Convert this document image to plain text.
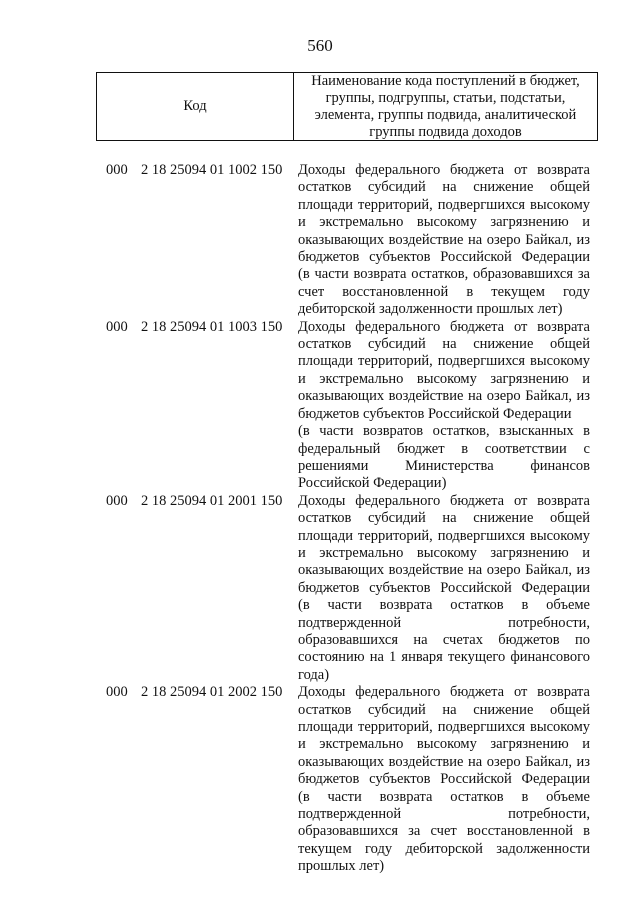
560
Код
Наименование кода поступлений в бюджет,
группы, подгруппы, статьи, подстатьи,
элемента, группы подвида, аналитической
группы подвида доходов
000 2 18 25094 01 1002 150	Доходы федерального бюджета от возврата
остатков субсидий на снижение общей
площади территорий, подвергшихся высокому
и экстремально высокому загрязнению и
оказывающих воздействие на озеро Байкал, из
бюджетов субъектов Российской Федерации
(в части возврата остатков, образовавшихся за
счет восстановленной в текущем году
дебиторской задолженности прошлых лет)
000 2 18 25094 01 1003 150	Доходы федерального бюджета от возврата
остатков субсидий на снижение общей
площади территорий, подвергшихся высокому
и экстремально высокому загрязнению и
оказывающих воздействие на озеро Байкал, из
бюджетов субъектов Российской Федерации
(в части возвратов остатков, взысканных в
федеральный бюджет в соответствии с
решениями Министерства финансов
Российской Федерации)
000 2 18 25094 01 2001 150	Доходы федерального бюджета от возврата
остатков субсидий на снижение общей
площади территорий, подвергшихся высокому
и экстремально высокому загрязнению и
оказывающих воздействие на озеро Байкал, из
бюджетов субъектов Российской Федерации
(в части возврата остатков в объеме
подтвержденной потребности,
образовавшихся на счетах бюджетов по
состоянию на 1 января текущего финансового
года)
000 2 18 25094 01 2002 150	Доходы федерального бюджета от возврата
остатков субсидий на снижение общей
площади территорий, подвергшихся высокому
и экстремально высокому загрязнению и
оказывающих воздействие на озеро Байкал, из
бюджетов субъектов Российской Федерации
(в части возврата остатков в объеме
подтвержденной потребности,
образовавшихся за счет восстановленной в
текущем году дебиторской задолженности
прошлых лет)
